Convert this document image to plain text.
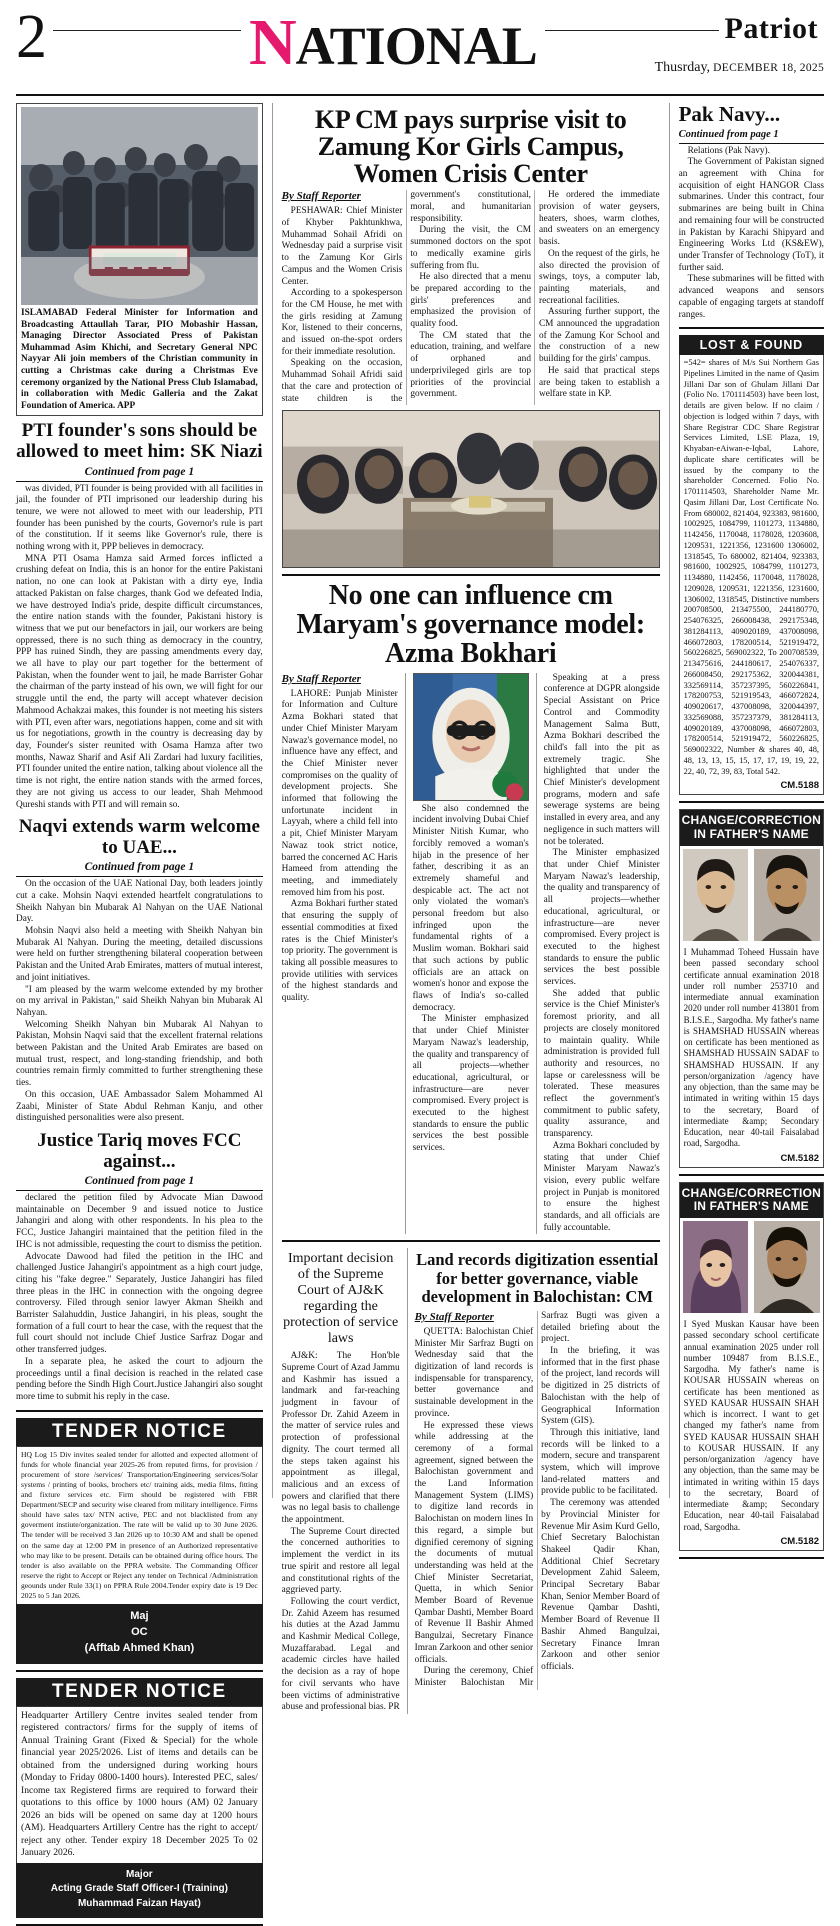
2	NATIONAL	Patriot
Thusrday, DECEMBER 18, 2025
ISLAMABAD Federal Minister for Information and Broadcasting Attaullah Tarar, PIO Mobashir Hassan, Managing Director Associated Press of Pakistan Muhammad Asim Khichi, and Secretary General NPC Nayyar Ali join members of the Christian community in cutting a Christmas cake during a Christmas Eve ceremony organized by the National Press Club Islamabad, in collaboration with Medic Galleria and the Zakat Foundation of America. APP
PTI founder's sons should be allowed to meet him: SK Niazi
Continued from page 1

was divided, PTI founder is being provided with all facilities in jail, the founder of PTI imprisoned our leadership during his tenure, we were not allowed to meet with our leadership, PTI founder has been punished by the courts, Governor's rule is part of the constitution. If it seems like Governor's rule, there is nothing wrong with it, PPP believes in democracy.

MNA PTI Osama Hamza said Armed forces inflicted a crushing defeat on India, this is an honor for the entire Pakistani nation, no one can look at Pakistan with a dirty eye, India attacked Pakistan on false charges, thank God we defeated India, we have destroyed India's pride, despite difficult circumstances, the entire nation stands with the founder, Pakistani history is witness that we put our benefactors in jail, our workers are being oppressed, there is no such thing as democracy in the country, PPP has ruined Sindh, they are passing amendments every day, we all have to play our part together for the betterment of Pakistan, when the founder went to jail, he made Barrister Gohar the chairman of the party instead of his own, we will fight for our struggle until the end, the party will accept whatever decision Mahmood Achakzai makes, this founder is not meeting his sisters with PTI, even after wars, negotiations happen, come and sit with us for negotiations, growth in the country is decreasing day by day, Founder's sister reunited with Osama Hamza after two months, Nawaz Sharif and Asif Ali Zardari had luxury facilities, PTI founder united the entire nation, talking about violence all the time is not right, the entire nation stands with the armed forces, they are not giving us access to our leader, Shah Mehmood Qureshi stands with PTI and will remain so.

Naqvi extends warm welcome to UAE...
Continued from page 1

On the occasion of the UAE National Day, both leaders jointly cut a cake. Mohsin Naqvi extended heartfelt congratulations to Sheikh Nahyan bin Mubarak Al Nahyan on the UAE National Day.

Mohsin Naqvi also held a meeting with Sheikh Nahyan bin Mubarak Al Nahyan. During the meeting, detailed discussions were held on further strengthening bilateral cooperation between Pakistan and the United Arab Emirates, matters of mutual interest, and joint initiatives.

"I am pleased by the warm welcome extended by my brother on my arrival in Pakistan," said Sheikh Nahyan bin Mubarak Al Nahyan.

Welcoming Sheikh Nahyan bin Mubarak Al Nahyan to Pakistan, Mohsin Naqvi said that the excellent fraternal relations between Pakistan and the United Arab Emirates are based on mutual trust, respect, and long-standing friendship, and both countries remain firmly committed to further strengthening these ties.

On this occasion, UAE Ambassador Salem Mohammed Al Zaabi, Minister of State Abdul Rehman Kanju, and other distinguished personalities were also present.

Justice Tariq moves FCC against...
Continued from page 1

declared the petition filed by Advocate Mian Dawood maintainable on December 9 and issued notice to Justice Jahangiri and along with other respondents. In his plea to the FCC, Justice Jahangiri maintained that the petition filed in the IHC is not admissible, requesting the court to dismiss the petition.

Advocate Dawood had filed the petition in the IHC and challenged Justice Jahangiri's appointment as a high court judge, citing his "fake degree." Separately, Justice Jahangiri has filed three pleas in the IHC in connection with the ongoing degree controversy. Filed through senior lawyer Akman Sheikh and Barrister Salahuddin, Justice Jahangiri, in his pleas, sought the formation of a full court to hear the case, with the request that the full court should not include Chief Justice Sarfraz Dogar and other transferred judges.

In a separate plea, he asked the court to adjourn the proceedings until a final decision is reached in the related case pending before the Sindh High Court.Justice Jahangiri also sought more time to submit his reply in the case.

TENDER NOTICE
HQ Log 15 Div invites sealed tender for allotted and expected allotment of funds for whole financial year 2025-26 from reputed firms, for provision / procurement of store /services/ Transportation/Engineering services/Solar systems / printing of books, brochers etc/ training aids, media films, fitting and fixture services etc. Firm should be registered with FBR Department/SECP and security wise cleared from military intelligence. Firms should have sales tax/ NTN active, PEC and not blacklisted from any goverment instiute/organization. The rate will be valid up to 30 June 2026. The tender will be received 3 Jan 2026 up to 10:30 AM and shall be opened on the same day at 12:00 PM in presence of an Authorized representative who may like to be present. Details can be obtained during office hours. The tender is also available on the PPRA website. The Commanding Officer reserve the right to Accept or Reject any tender on Technical /Administration geounds under Rule 33(1) on PPRA Rule 2004.Tender expiry date is 19 Dec 2025 to 5 Jan 2026.
Maj
OC
(Afftab Ahmed Khan)
TENDER NOTICE
Headquarter Artillery Centre invites sealed tender from registered contractors/ firms for the supply of items of Annual Training Grant (Fixed & Special) for the whole financial year 2025/2026. List of items and details can be obtained from the undersigned during working hours (Monday to Friday 0800-1400 hours). Interested PEC, sales/ Income tax Registered firms are required to forward their quotations to this office by 1000 hours (AM) 02 January 2026 an bids will be opened on same day at 1200 hours (AM). Headquarters Artillery Centre has the right to accept/ reject any other. Tender expiry 18 December 2025 To 02 January 2026.
Major
Acting Grade Staff Officer-I (Training)
Muhammad Faizan Hayat)
KP CM pays surprise visit to Zamung Kor Girls Campus, Women Crisis Center
By Staff Reporter

PESHAWAR: Chief Minister of Khyber Pakhtunkhwa, Muhammad Sohail Afridi on Wednesday paid a surprise visit to the Zamung Kor Girls Campus and the Women Crisis Center.

According to a spokesperson for the CM House, he met with the girls residing at Zamung Kor, listened to their concerns, and issued on-the-spot orders for their immediate resolution.

Speaking on the occasion, Muhammad Sohail Afridi said that the care and protection of state children is the government's constitutional, moral, and humanitarian responsibility.

During the visit, the CM summoned doctors on the spot to medically examine girls suffering from flu.

He also directed that a menu be prepared according to the girls' preferences and emphasized the provision of quality food.

The CM stated that the education, training, and welfare of orphaned and underprivileged girls are top priorities of the provincial government.

He ordered the immediate provision of water geysers, heaters, shoes, warm clothes, and sweaters on an emergency basis.

On the request of the girls, he also directed the provision of swings, toys, a computer lab, painting materials, and recreational facilities.

Assuring further support, the CM announced the upgradation of the Zamung Kor School and the construction of a new building for the girls' campus.

He said that practical steps are being taken to establish a welfare state in KP.

No one can influence cm Maryam's governance model: Azma Bokhari
By Staff Reporter

LAHORE: Punjab Minister for Information and Culture Azma Bokhari stated that under Chief Minister Maryam Nawaz's governance model, no influence have any effect, and the Chief Minister never compromises on the quality of development projects. She informed that following the unfortunate incident in Layyah, where a child fell into a pit, Chief Minister Maryam Nawaz took strict notice, barred the concerned AC Haris Hameed from attending the meeting, and immediately removed him from his post.

Azma Bokhari further stated that ensuring the supply of essential commodities at fixed rates is the Chief Minister's top priority. The government is taking all possible measures to provide utilities with services of the highest standards and quality.

She also condemned the incident involving Dubai Chief Minister Nitish Kumar, who forcibly removed a woman's hijab in the presence of her father, describing it as an extremely shameful and despicable act. The act not only violated the woman's personal freedom but also infringed upon the fundamental rights of a Muslim woman. Bokhari said that such actions by public officials are an attack on women's honor and expose the flaws of India's so-called democracy.

The Minister emphasized that under Chief Minister Maryam Nawaz's leadership, the quality and transparency of all projects—whether educational, agricultural, or infrastructure—are never compromised. Every project is executed to the highest standards to ensure the public services the best possible services.

Speaking at a press conference at DGPR alongside Special Assistant on Price Control and Commodity Management Salma Butt, Azma Bokhari described the child's fall into the pit as extremely tragic. She highlighted that under the Chief Minister's development programs, modern and safe sewerage systems are being installed in every area, and any negligence in such matters will not be tolerated.

The Minister emphasized that under Chief Minister Maryam Nawaz's leadership, the quality and transparency of all projects—whether educational, agricultural, or infrastructure—are never compromised. Every project is executed to the highest standards to ensure the public services the best possible services.

She added that public service is the Chief Minister's foremost priority, and all projects are closely monitored to maintain quality. While administration is provided full authority and resources, no lapse or carelessness will be tolerated. These measures reflect the government's commitment to public safety, quality assurance, and transparency.

Azma Bokhari concluded by stating that under Chief Minister Maryam Nawaz's vision, every public welfare project in Punjab is monitored to ensure the highest standards, and all officials are fully accountable.

Important decision of the Supreme Court of AJ&K regarding the protection of service laws

AJ&K: The Hon'ble Supreme Court of Azad Jammu and Kashmir has issued a landmark and far-reaching judgment in favour of Professor Dr. Zahid Azeem in the matter of service rules and protection of professional dignity. The court termed all the steps taken against his appointment as illegal, malicious and an excess of powers and clarified that there was no legal basis to challenge the appointment.

The Supreme Court directed the concerned authorities to implement the verdict in its true spirit and restore all legal and constitutional rights of the aggrieved party.

Following the court verdict, Dr. Zahid Azeem has resumed his duties at the Azad Jammu and Kashmir Medical College, Muzaffarabad. Legal and academic circles have hailed the decision as a ray of hope for civil servants who have been victims of administrative abuse and professional bias. PR

Land records digitization essential for better governance, viable development in Balochistan: CM
By Staff Reporter

QUETTA: Balochistan Chief Minister Mir Sarfraz Bugti on Wednesday said that the digitization of land records is indispensable for transparency, better governance and sustainable development in the province.

He expressed these views while addressing at the ceremony of a formal agreement, signed between the Balochistan government and the Land Information Management System (LIMS) to digitize land records in Balochistan on modern lines In this regard, a simple but dignified ceremony of signing the documents of mutual understanding was held at the Chief Minister Secretariat, Quetta, in which Senior Member Board of Revenue Qambar Dashti, Member Board of Revenue II Bashir Ahmed Bangulzai, Secretary Finance Imran Zarkoon and other senior officials.

During the ceremony, Chief Minister Balochistan Mir Sarfraz Bugti was given a detailed briefing about the project.

In the briefing, it was informed that in the first phase of the project, land records will be digitized in 25 districts of Balochistan with the help of Geographical Information System (GIS).

Through this initiative, land records will be linked to a modern, secure and transparent system, which will improve land-related matters and provide public to be facilitated.

The ceremony was attended by Provincial Minister for Revenue Mir Asim Kurd Gello, Chief Secretary Balochistan Shakeel Qadir Khan, Additional Chief Secretary Development Zahid Saleem, Principal Secretary Babar Khan, Senior Member Board of Revenue Qambar Dashti, Member Board of Revenue II Bashir Ahmed Bangulzai, Secretary Finance Imran Zarkoon and other senior officials.

Pak Navy...
Continued from page 1

Relations (Pak Navy).

The Government of Pakistan signed an agreement with China for acquisition of eight HANGOR Class submarines. Under this contract, four submarines are being built in China and remaining four will be constructed in Pakistan by Karachi Shipyard and Engineering Works Ltd (KS&EW), under Transfer of Technology (ToT), it further said.

These submarines will be fitted with advanced weapons and sensors capable of engaging targets at standoff ranges.

LOST & FOUND
=542= shares of M/s Sui Northern Gas Pipelines Limited in the name of Qasim Jillani Dar son of Ghulam Jillani Dar (Folio No. 1701114503) have been lost, details are given below. If no claim / objection is lodged within 7 days, with Share Registrar CDC Share Registrar Services Limited, LSE Plaza, 19, Khyaban-eAiwan-e-Iqbal, Lahore, duplicate share certificates will be issued by the company to the shareholder Concerned. Folio No. 1701114503, Shareholder Name Mr. Qasim Jillani Dar, Lost Certificate No. From 680002, 821404, 923383, 981600, 1002925, 1084799, 1101273, 1134880, 1142456, 1170048, 1178028, 1203608, 1209531, 1221356, 1231600 1306002, 1318545, To 680002, 821404, 923383, 981600, 1002925, 1084799, 1101273, 1134880, 1142456, 1170048, 1178028, 1209028, 1209531, 1221356, 1231600, 1306002, 1318545, Distinctive numbers 200708500, 213475500, 244180770, 254076325, 266008438, 292175348, 381284113, 409020189, 437008098, 466072803, 178200514, 521919472, 560226825, 569002322, To 200708539, 213475616, 244180617, 254076337, 266008450, 292175362, 320044381, 332569114, 357237395, 560226841, 178200753, 521919543, 466072824, 409020617, 437008098, 320044397, 332569088, 357237379, 381284113, 409020189, 437008098, 466072803, 178200514, 521919472, 560226825, 569002322, Number & shares 40, 48, 48, 13, 13, 15, 15, 17, 17, 19, 19, 22, 22, 40, 72, 39, 83, Total 542.
CM.5188
CHANGE/CORRECTION IN FATHER'S NAME
I Muhammad Toheed Hussain have been passed secondary school certificate annual examination 2018 under roll number 253710 and intermediate annual examination 2020 under roll number 413801 from B.I.S.E., Sargodha. My father's name is SHAMSHAD HUSSAIN whereas on certificate has been mentioned as SHAMSHAD HUSSAIN SADAF to SHAMSHAD HUSSAIN. If any person/organization /agency have any objection, than the same may be intimated in writing within 15 days to the secretary, Board of intermediate &amp; Secondary Education, near 40-tail Faisalabad road, Sargodha.
CM.5182
CHANGE/CORRECTION IN FATHER'S NAME
I Syed Muskan Kausar have been passed secondary school certificate annual examination 2025 under roll number 109487 from B.I.S.E., Sargodha. My father's name is KOUSAR HUSSAIN whereas on certificate has been mentioned as SYED KAUSAR HUSSAIN SHAH which is incorrect. I want to get changed my father's name from SYED KAUSAR HUSSAIN SHAH to KOUSAR HUSSAIN. If any person/organization /agency have any objection, than the same may be intimated in writing within 15 days to the secretary, Board of intermediate &amp; Secondary Education, near 40-tail Faisalabad road, Sargodha.
CM.5182
